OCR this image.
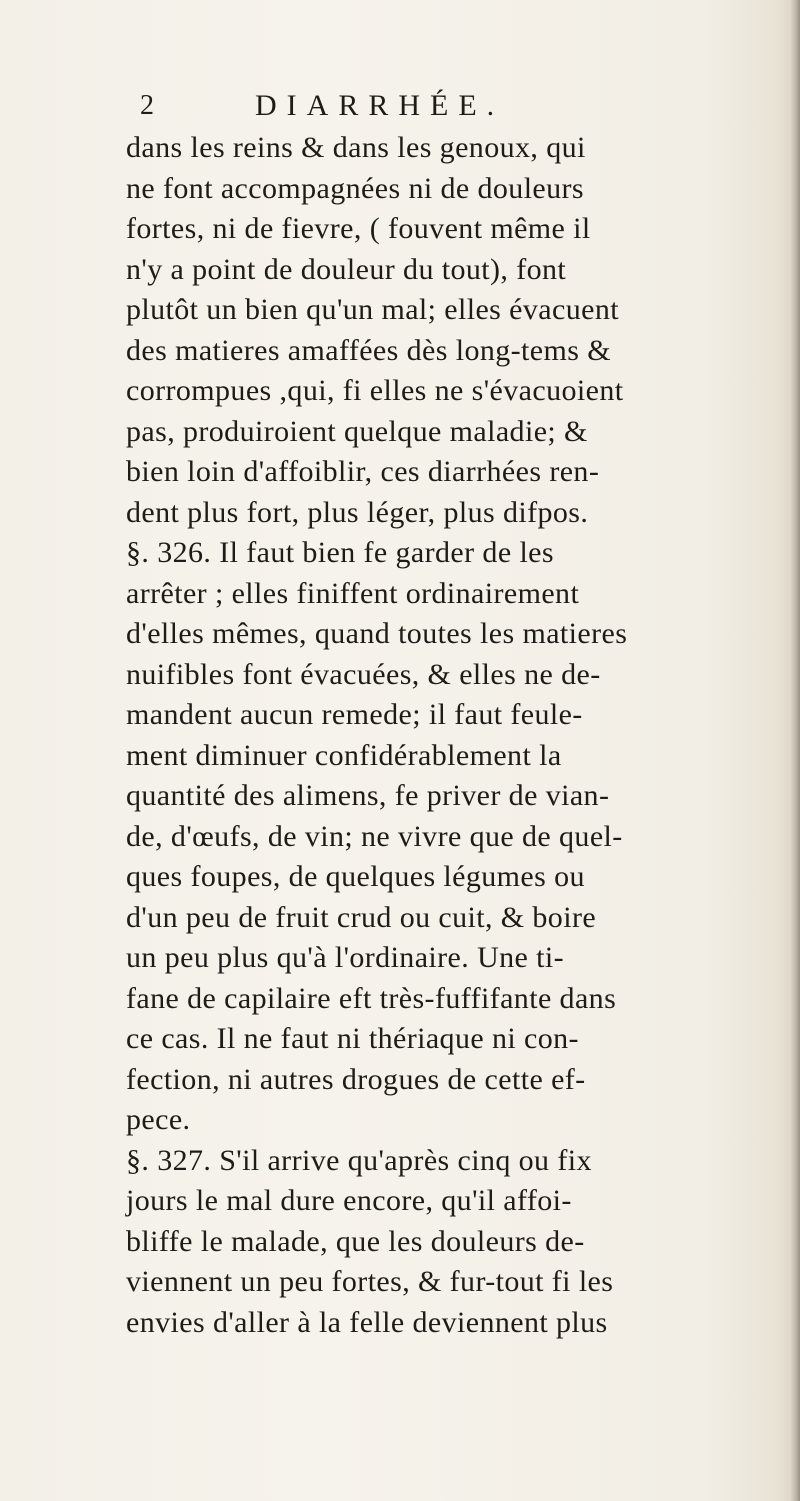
2	DIARRHÉE.
dans les reins & dans les genoux, qui
ne font accompagnées ni de douleurs
fortes, ni de fievre, ( fouvent même il
n'y a point de douleur du tout), font
plutôt un bien qu'un mal; elles évacuent
des matieres amaffées dès long-tems &
corrompues ,qui, fi elles ne s'évacuoient
pas, produiroient quelque maladie; &
bien loin d'affoiblir, ces diarrhées ren-
dent plus fort, plus léger, plus difpos.
§. 326. Il faut bien fe garder de les
arrêter ; elles finiffent ordinairement
d'elles mêmes, quand toutes les matieres
nuifibles font évacuées, & elles ne de-
mandent aucun remede; il faut feule-
ment diminuer confidérablement la
quantité des alimens, fe priver de vian-
de, d'œufs, de vin; ne vivre que de quel-
ques foupes, de quelques légumes ou
d'un peu de fruit crud ou cuit, & boire
un peu plus qu'à l'ordinaire. Une ti-
fane de capilaire eft très-fuffifante dans
ce cas. Il ne faut ni thériaque ni con-
fection, ni autres drogues de cette ef-
pece.
§. 327. S'il arrive qu'après cinq ou fix
jours le mal dure encore, qu'il affoi-
bliffe le malade, que les douleurs de-
viennent un peu fortes, & fur-tout fi les
envies d'aller à la felle deviennent plus
